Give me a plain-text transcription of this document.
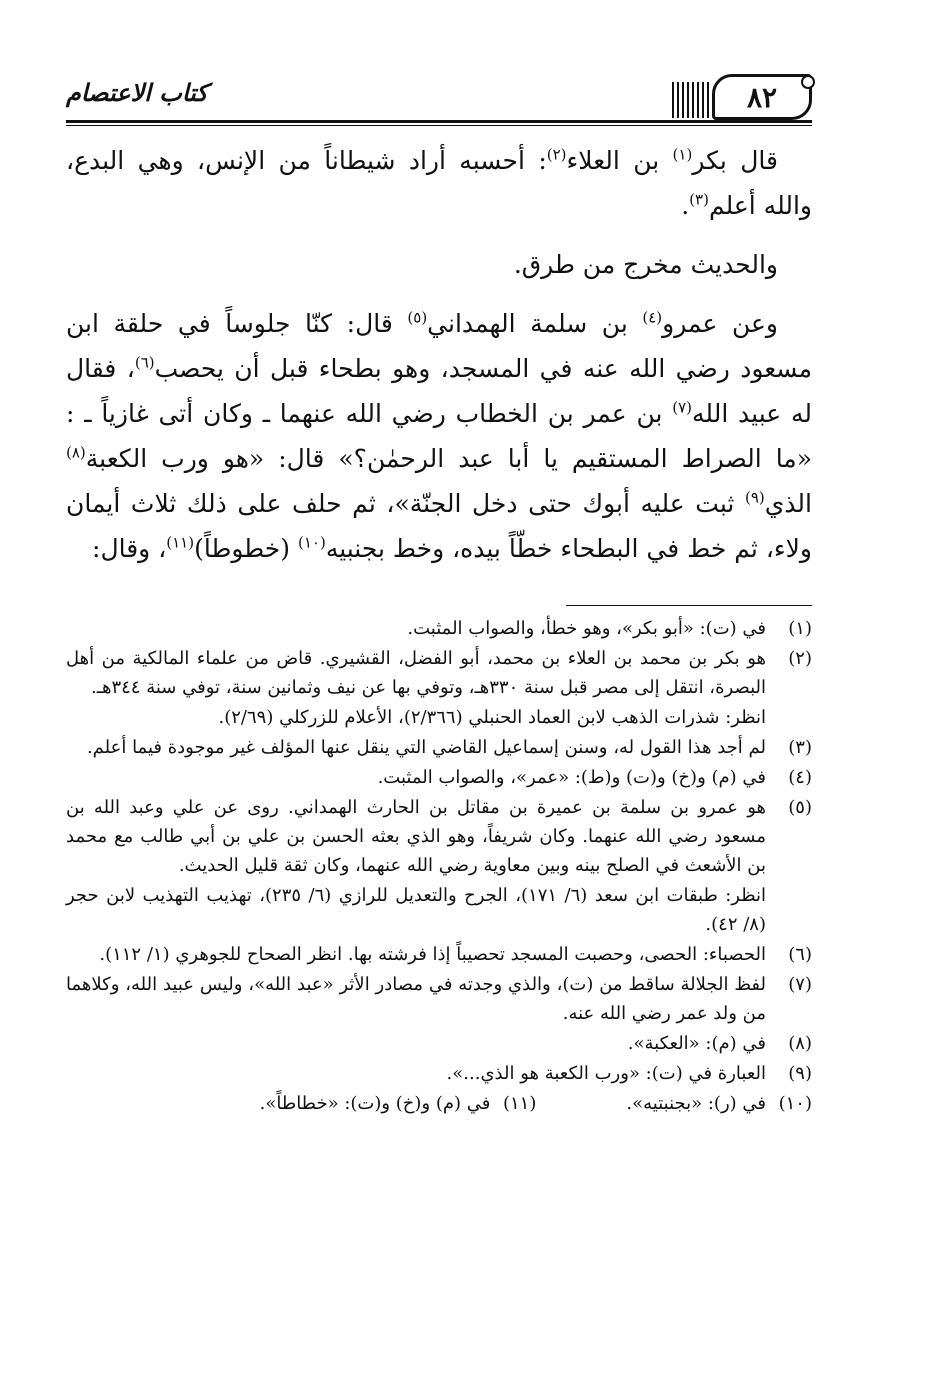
٨٢
كتاب الاعتصام

قال بكر$^{(١)}$ بن العلاء$^{(٢)}$: أحسبه أراد شيطاناً من الإنس، وهي البدع، والله أعلم$^{(٣)}$.

والحديث مخرج من طرق.

وعن عمرو$^{(٤)}$ بن سلمة الهمداني$^{(٥)}$ قال: كنّا جلوساً في حلقة ابن مسعود رضي الله عنه في المسجد، وهو بطحاء قبل أن يحصب$^{(٦)}$، فقال له عبيد الله$^{(٧)}$ بن عمر بن الخطاب رضي الله عنهما ـ وكان أتى غازياً ـ : «ما الصراط المستقيم يا أبا عبد الرحمٰن؟» قال: «هو ورب الكعبة$^{(٨)}$ الذي$^{(٩)}$ ثبت عليه أبوك حتى دخل الجنّة»، ثم حلف على ذلك ثلاث أيمان ولاء، ثم خط في البطحاء خطّاً بيده، وخط بجنبيه$^{(١٠)}$ (خطوطاً)$^{(١١)}$، وقال:

(١)
في (ت): «أبو بكر»، وهو خطأ، والصواب المثبت.
(٢)
هو بكر بن محمد بن العلاء بن محمد، أبو الفضل، القشيري. قاض من علماء المالكية من أهل البصرة، انتقل إلى مصر قبل سنة ٣٣٠هـ، وتوفي بها عن نيف وثمانين سنة، توفي سنة ٣٤٤هـ.
انظر: شذرات الذهب لابن العماد الحنبلي (٢/٣٦٦)، الأعلام للزركلي (٢/٦٩).
(٣)
لم أجد هذا القول له، وسنن إسماعيل القاضي التي ينقل عنها المؤلف غير موجودة فيما أعلم.
(٤)
في (م) و(خ) و(ت) و(ط): «عمر»، والصواب المثبت.
(٥)
هو عمرو بن سلمة بن عميرة بن مقاتل بن الحارث الهمداني. روى عن علي وعبد الله بن مسعود رضي الله عنهما. وكان شريفاً، وهو الذي بعثه الحسن بن علي بن أبي طالب مع محمد بن الأشعث في الصلح بينه وبين معاوية رضي الله عنهما، وكان ثقة قليل الحديث.
انظر: طبقات ابن سعد (٦/ ١٧١)، الجرح والتعديل للرازي (٦/ ٢٣٥)، تهذيب التهذيب لابن حجر (٨/ ٤٢).
(٦)
الحصباء: الحصى، وحصبت المسجد تحصيباً إذا فرشته بها. انظر الصحاح للجوهري (١/ ١١٢).
(٧)
لفظ الجلالة ساقط من (ت)، والذي وجدته في مصادر الأثر «عبد الله»، وليس عبيد الله، وكلاهما من ولد عمر رضي الله عنه.
(٨)
في (م): «العكبة».
(٩)
العبارة في (ت): «ورب الكعبة هو الذي...».
(١٠)
في (ر): «بجنبتيه».
(١١)
في (م) و(خ) و(ت): «خطاطاً».
